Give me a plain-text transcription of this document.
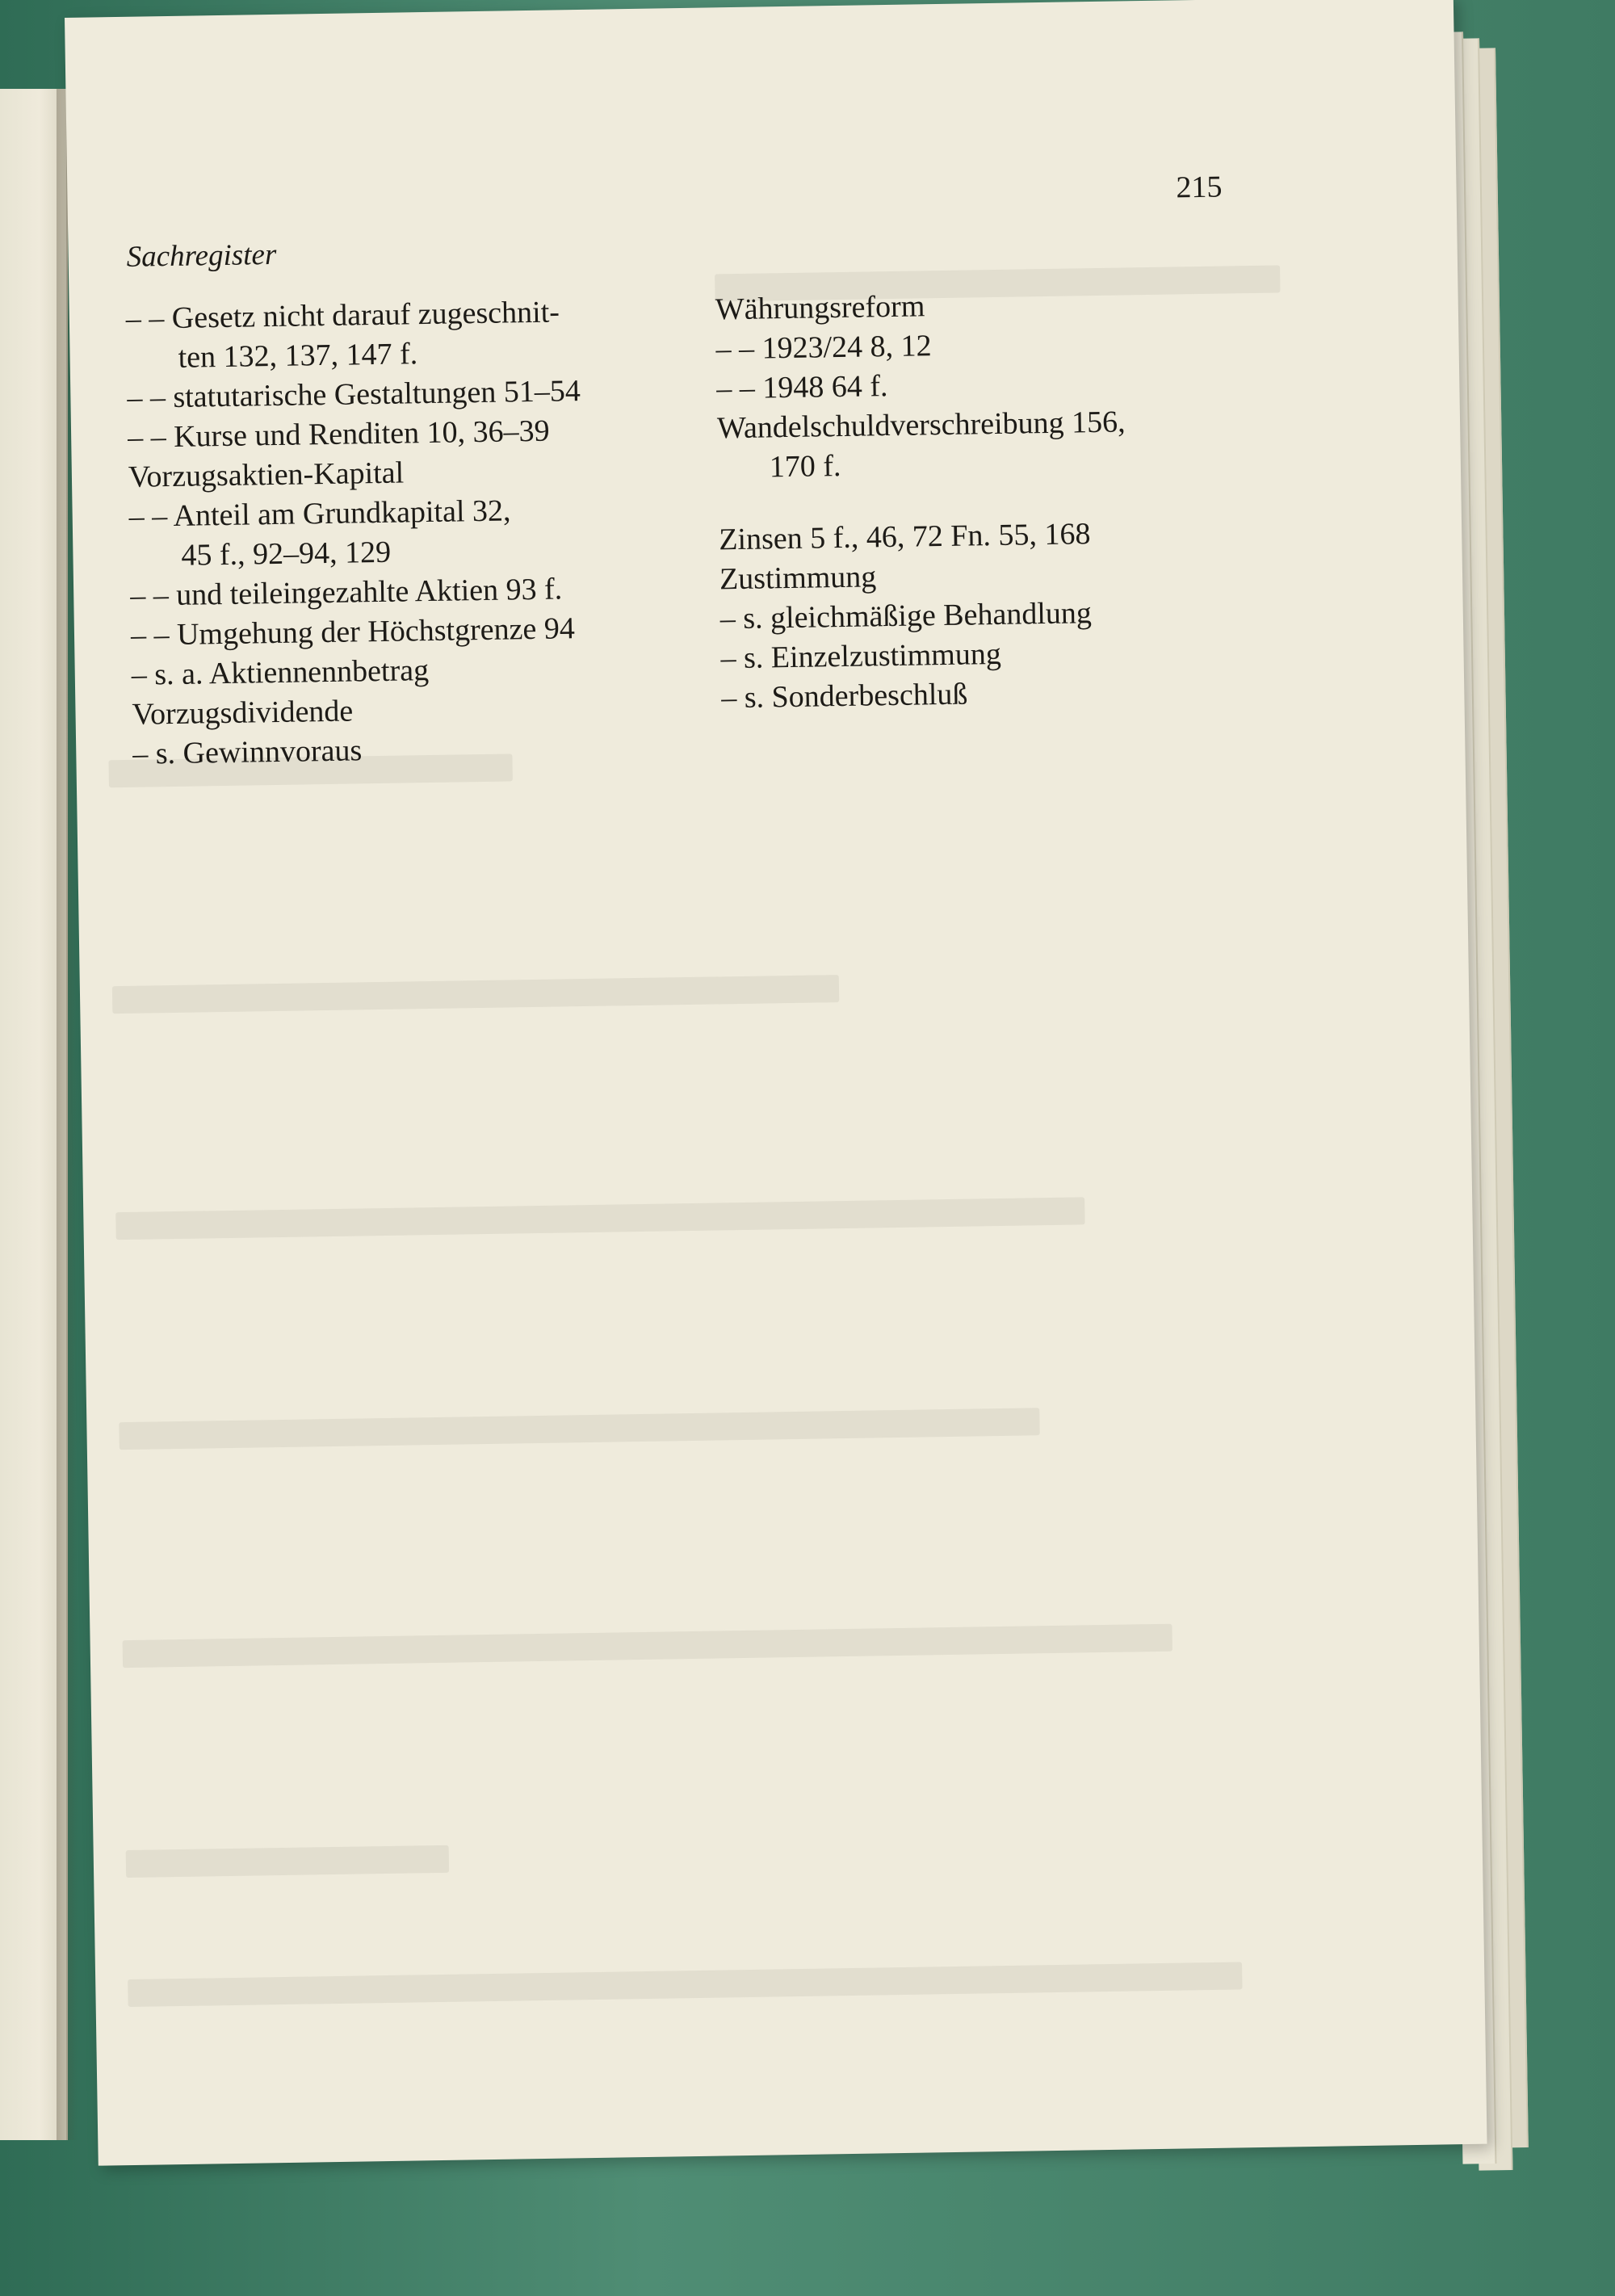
215
Sachregister
– – Gesetz nicht darauf zugeschnit-
ten 132, 137, 147 f.
– – statutarische Gestaltungen 51–54
– – Kurse und Renditen 10, 36–39
Vorzugsaktien-Kapital
– – Anteil am Grundkapital 32,
45 f., 92–94, 129
– – und teileingezahlte Aktien 93 f.
– – Umgehung der Höchstgrenze 94
– s. a. Aktiennennbetrag
Vorzugsdividende
– s. Gewinnvoraus
Währungsreform
– – 1923/24 8, 12
– – 1948 64 f.
Wandelschuldverschreibung 156,
170 f.
Zinsen 5 f., 46, 72 Fn. 55, 168
Zustimmung
– s. gleichmäßige Behandlung
– s. Einzelzustimmung
– s. Sonderbeschluß
